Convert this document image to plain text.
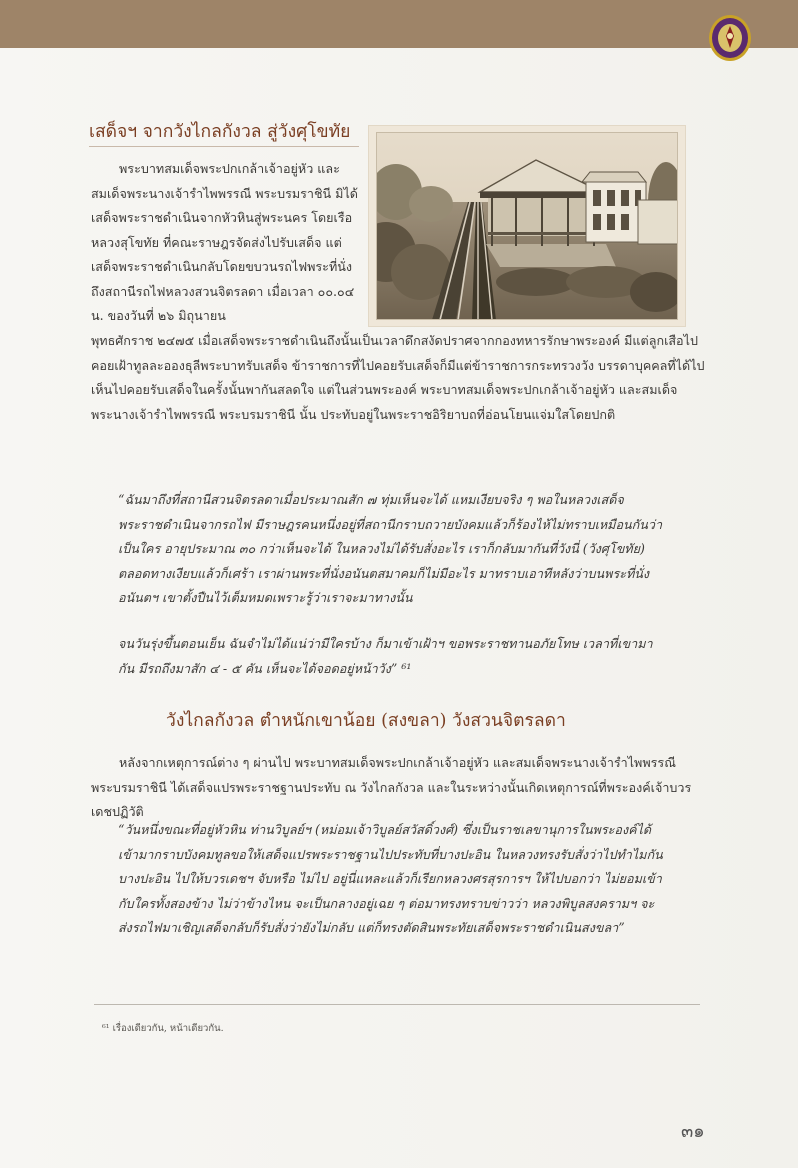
เสด็จฯ จากวังไกลกังวล สู่วังศุโขทัย

พระบาทสมเด็จพระปกเกล้าเจ้าอยู่หัว และสมเด็จพระนางเจ้ารำไพพรรณี พระบรมราชินี มิได้เสด็จพระราชดำเนินจากหัวหินสู่พระนคร โดยเรือหลวงสุโขทัย ที่คณะราษฎรจัดส่งไปรับเสด็จ แต่เสด็จพระราชดำเนินกลับโดยขบวนรถไฟพระที่นั่งถึงสถานีรถไฟหลวงสวนจิตรลดา เมื่อเวลา ๐๐.๐๔ น. ของวันที่ ๒๖ มิถุนายน

พุทธศักราช ๒๔๗๕ เมื่อเสด็จพระราชดำเนินถึงนั้นเป็นเวลาดึกสงัดปราศจากกองทหารรักษาพระองค์ มีแต่ลูกเสือไปคอยเฝ้าทูลละอองธุลีพระบาทรับเสด็จ ข้าราชการที่ไปคอยรับเสด็จก็มีแต่ข้าราชการกระทรวงวัง บรรดาบุคคลที่ได้ไปเห็นไปคอยรับเสด็จในครั้งนั้นพากันสลดใจ แต่ในส่วนพระองค์ พระบาทสมเด็จพระปกเกล้าเจ้าอยู่หัว และสมเด็จพระนางเจ้ารำไพพรรณี พระบรมราชินี นั้น ประทับอยู่ในพระราชอิริยาบถที่อ่อนโยนแจ่มใสโดยปกติ

“ฉันมาถึงที่สถานีสวนจิตรลดาเมื่อประมาณสัก ๗ ทุ่มเห็นจะได้ แหมเงียบจริง ๆ พอในหลวงเสด็จพระราชดำเนินจากรถไฟ มีราษฎรคนหนึ่งอยู่ที่สถานีกราบถวายบังคมแล้วก็ร้องไห้ไม่ทราบเหมือนกันว่าเป็นใคร อายุประมาณ ๓๐ กว่าเห็นจะได้ ในหลวงไม่ได้รับสั่งอะไร เราก็กลับมากันที่วังนี่ (วังศุโขทัย) ตลอดทางเงียบแล้วก็เศร้า เราผ่านพระที่นั่งอนันตสมาคมก็ไม่มีอะไร มาทราบเอาทีหลังว่าบนพระที่นั่งอนันตฯ เขาตั้งปืนไว้เต็มหมดเพราะรู้ว่าเราจะมาทางนั้น

จนวันรุ่งขึ้นตอนเย็น ฉันจำไม่ได้แน่ว่ามีใครบ้าง ก็มาเข้าเฝ้าฯ ขอพระราชทานอภัยโทษ เวลาที่เขามากัน มีรถถึงมาสัก ๔ - ๕ คัน เห็นจะได้จอดอยู่หน้าวัง” ⁶¹

วังไกลกังวล ตำหนักเขาน้อย (สงขลา) วังสวนจิตรลดา

หลังจากเหตุการณ์ต่าง ๆ ผ่านไป พระบาทสมเด็จพระปกเกล้าเจ้าอยู่หัว และสมเด็จพระนางเจ้ารำไพพรรณี พระบรมราชินี ได้เสด็จแปรพระราชฐานประทับ ณ วังไกลกังวล และในระหว่างนั้นเกิดเหตุการณ์ที่พระองค์เจ้าบวรเดชปฏิวัติ

“วันหนึ่งขณะที่อยู่หัวหิน ท่านวิบูลย์ฯ (หม่อมเจ้าวิบูลย์สวัสดิ์วงศ์) ซึ่งเป็นราชเลขานุการในพระองค์ได้เข้ามากราบบังคมทูลขอให้เสด็จแปรพระราชฐานไปประทับที่บางปะอิน ในหลวงทรงรับสั่งว่าไปทำไมกัน บางปะอิน ไปให้บวรเดชฯ จับหรือ ไม่ไป อยู่นี่แหละแล้วก็เรียกหลวงศรสุรการฯ ให้ไปบอกว่า ไม่ยอมเข้ากับใครทั้งสองข้าง ไม่ว่าข้างไหน จะเป็นกลางอยู่เฉย ๆ ต่อมาทรงทราบข่าวว่า หลวงพิบูลสงครามฯ จะส่งรถไฟมาเชิญเสด็จกลับก็รับสั่งว่ายังไม่กลับ แต่ก็ทรงตัดสินพระทัยเสด็จพระราชดำเนินสงขลา”

⁶¹ เรื่องเดียวกัน, หน้าเดียวกัน.
๓๑
